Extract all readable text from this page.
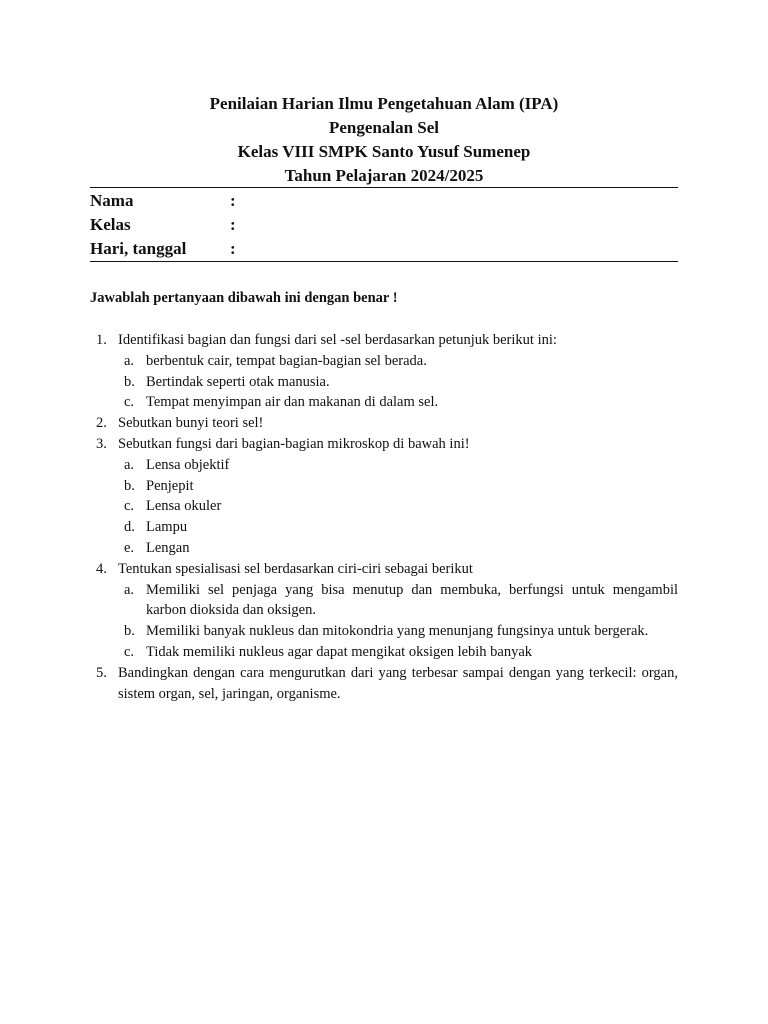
Penilaian Harian Ilmu Pengetahuan Alam (IPA)
Pengenalan Sel
Kelas VIII SMPK Santo Yusuf Sumenep
Tahun Pelajaran 2024/2025
Nama	:
Kelas	:
Hari, tanggal	:
Jawablah pertanyaan dibawah ini dengan benar !
1. Identifikasi bagian dan fungsi dari sel -sel berdasarkan petunjuk berikut ini:
a. berbentuk cair, tempat bagian-bagian sel berada.
b. Bertindak seperti otak manusia.
c. Tempat menyimpan air dan makanan di dalam sel.
2. Sebutkan bunyi teori sel!
3. Sebutkan fungsi dari bagian-bagian mikroskop di bawah ini!
a. Lensa objektif
b. Penjepit
c. Lensa okuler
d. Lampu
e. Lengan
4. Tentukan spesialisasi sel berdasarkan ciri-ciri sebagai berikut
a. Memiliki sel penjaga yang bisa menutup dan membuka, berfungsi untuk mengambil karbon dioksida dan oksigen.
b. Memiliki banyak nukleus dan mitokondria yang menunjang fungsinya untuk bergerak.
c. Tidak memiliki nukleus agar dapat mengikat oksigen lebih banyak
5. Bandingkan dengan cara mengurutkan dari yang terbesar sampai dengan yang terkecil: organ, sistem organ, sel, jaringan, organisme.
